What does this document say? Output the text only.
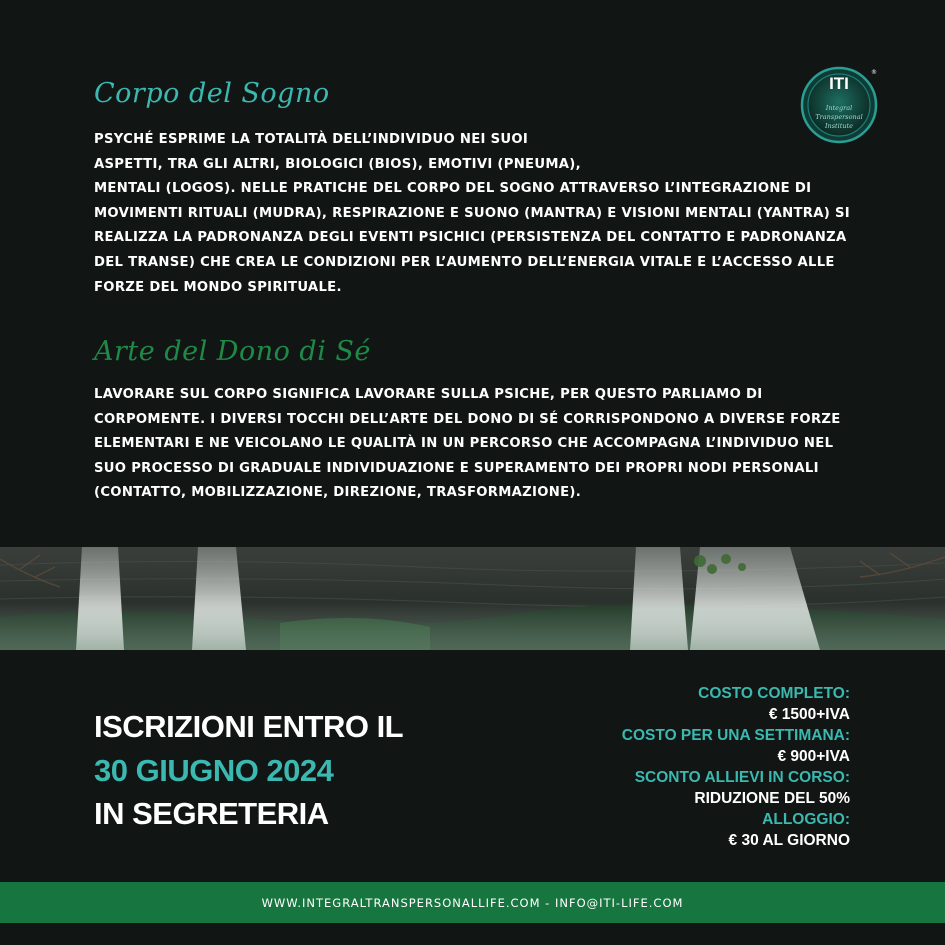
Corpo del Sogno
PSYCHÉ ESPRIME LA TOTALITÀ DELL’INDIVIDUO NEI SUOI
ASPETTI, TRA GLI ALTRI, BIOLOGICI (BIOS), EMOTIVI (PNEUMA),
MENTALI (LOGOS). NELLE PRATICHE DEL CORPO DEL SOGNO ATTRAVERSO L’INTEGRAZIONE DI
MOVIMENTI RITUALI (MUDRA), RESPIRAZIONE E SUONO (MANTRA) E VISIONI MENTALI (YANTRA) SI
REALIZZA LA PADRONANZA DEGLI EVENTI PSICHICI (PERSISTENZA DEL CONTATTO E PADRONANZA
DEL TRANSE) CHE CREA LE CONDIZIONI PER L’AUMENTO DELL’ENERGIA VITALE E L’ACCESSO ALLE
FORZE DEL MONDO SPIRITUALE.
ITI
Integral
Transpersonal
Institute
®
Arte del Dono di Sé
LAVORARE SUL CORPO SIGNIFICA LAVORARE SULLA PSICHE, PER QUESTO PARLIAMO DI
CORPOMENTE. I DIVERSI TOCCHI DELL’ARTE DEL DONO DI SÉ CORRISPONDONO A DIVERSE FORZE
ELEMENTARI E NE VEICOLANO LE QUALITÀ IN UN PERCORSO CHE ACCOMPAGNA L’INDIVIDUO NEL
SUO PROCESSO DI GRADUALE INDIVIDUAZIONE E SUPERAMENTO DEI PROPRI NODI PERSONALI
(CONTATTO, MOBILIZZAZIONE, DIREZIONE, TRASFORMAZIONE).
ISCRIZIONI ENTRO IL
30 GIUGNO 2024
IN SEGRETERIA
COSTO COMPLETO:
€ 1500+IVA
COSTO PER UNA SETTIMANA:
€ 900+IVA
SCONTO ALLIEVI IN CORSO:
RIDUZIONE DEL 50%
ALLOGGIO:
€ 30 AL GIORNO
WWW.INTEGRALTRANSPERSONALLIFE.COM - INFO@ITI-LIFE.COM
